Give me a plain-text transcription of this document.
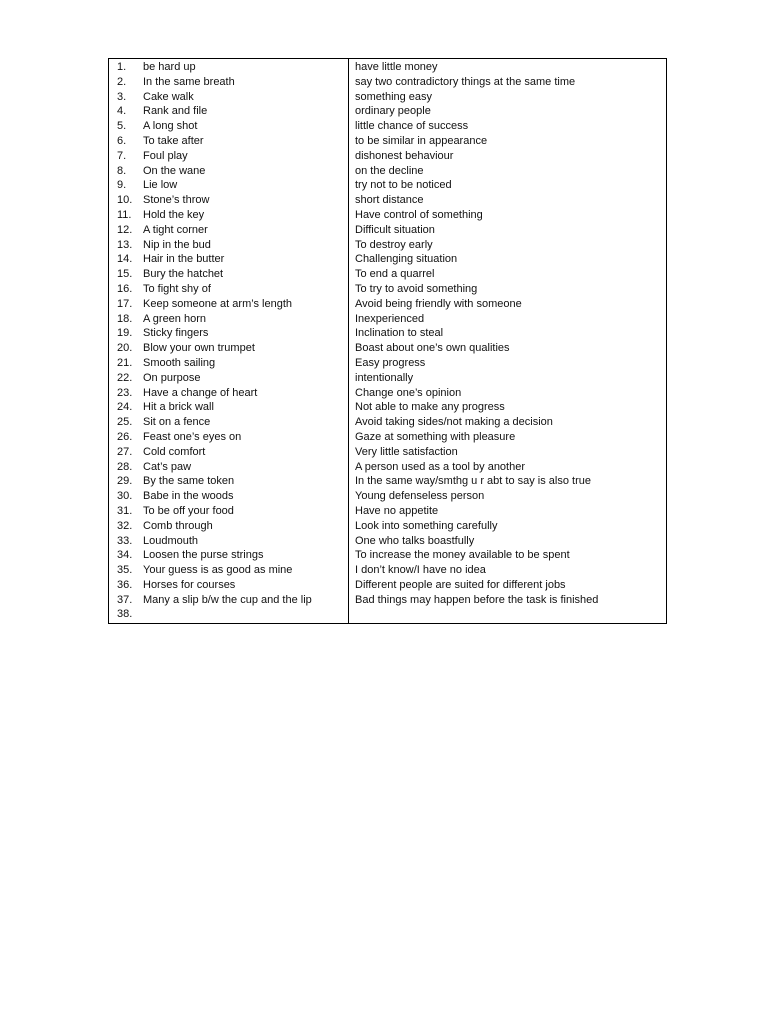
1. be hard up	have little money
2. In the same breath	say two contradictory things at the same time
3. Cake walk	something easy
4. Rank and file	ordinary people
5. A long shot	little chance of success
6. To take after	to be similar in appearance
7. Foul play	dishonest behaviour
8. On the wane	on the decline
9. Lie low	try not to be noticed
10. Stone’s throw	short distance
11. Hold the key	Have control of something
12. A tight corner	Difficult situation
13. Nip in the bud	To destroy early
14. Hair in the butter	Challenging situation
15. Bury the hatchet	To end a quarrel
16. To fight shy of	To try to avoid something
17. Keep someone at arm’s length	Avoid being friendly with someone
18. A green horn	Inexperienced
19. Sticky fingers	Inclination to steal
20. Blow your own trumpet	Boast about one’s own qualities
21. Smooth sailing	Easy progress
22. On purpose	intentionally
23. Have a change of heart	Change one’s opinion
24. Hit a brick wall	Not able to make any progress
25. Sit on a fence	Avoid taking sides/not making a decision
26. Feast one’s eyes on	Gaze at something with pleasure
27. Cold comfort	Very little satisfaction
28. Cat’s paw	A person used as a tool by another
29. By the same token	In the same way/smthg u r abt to say is also true
30. Babe in the woods	Young defenseless person
31. To be off your food	Have no appetite
32. Comb through	Look into something carefully
33. Loudmouth	One who talks boastfully
34. Loosen the purse strings	To increase the money available to be spent
35. Your guess is as good as mine	I don’t know/I have no idea
36. Horses for courses	Different people are suited for different jobs
37. Many a slip b/w the cup and the lip	Bad things may happen before the task is finished
38.	
